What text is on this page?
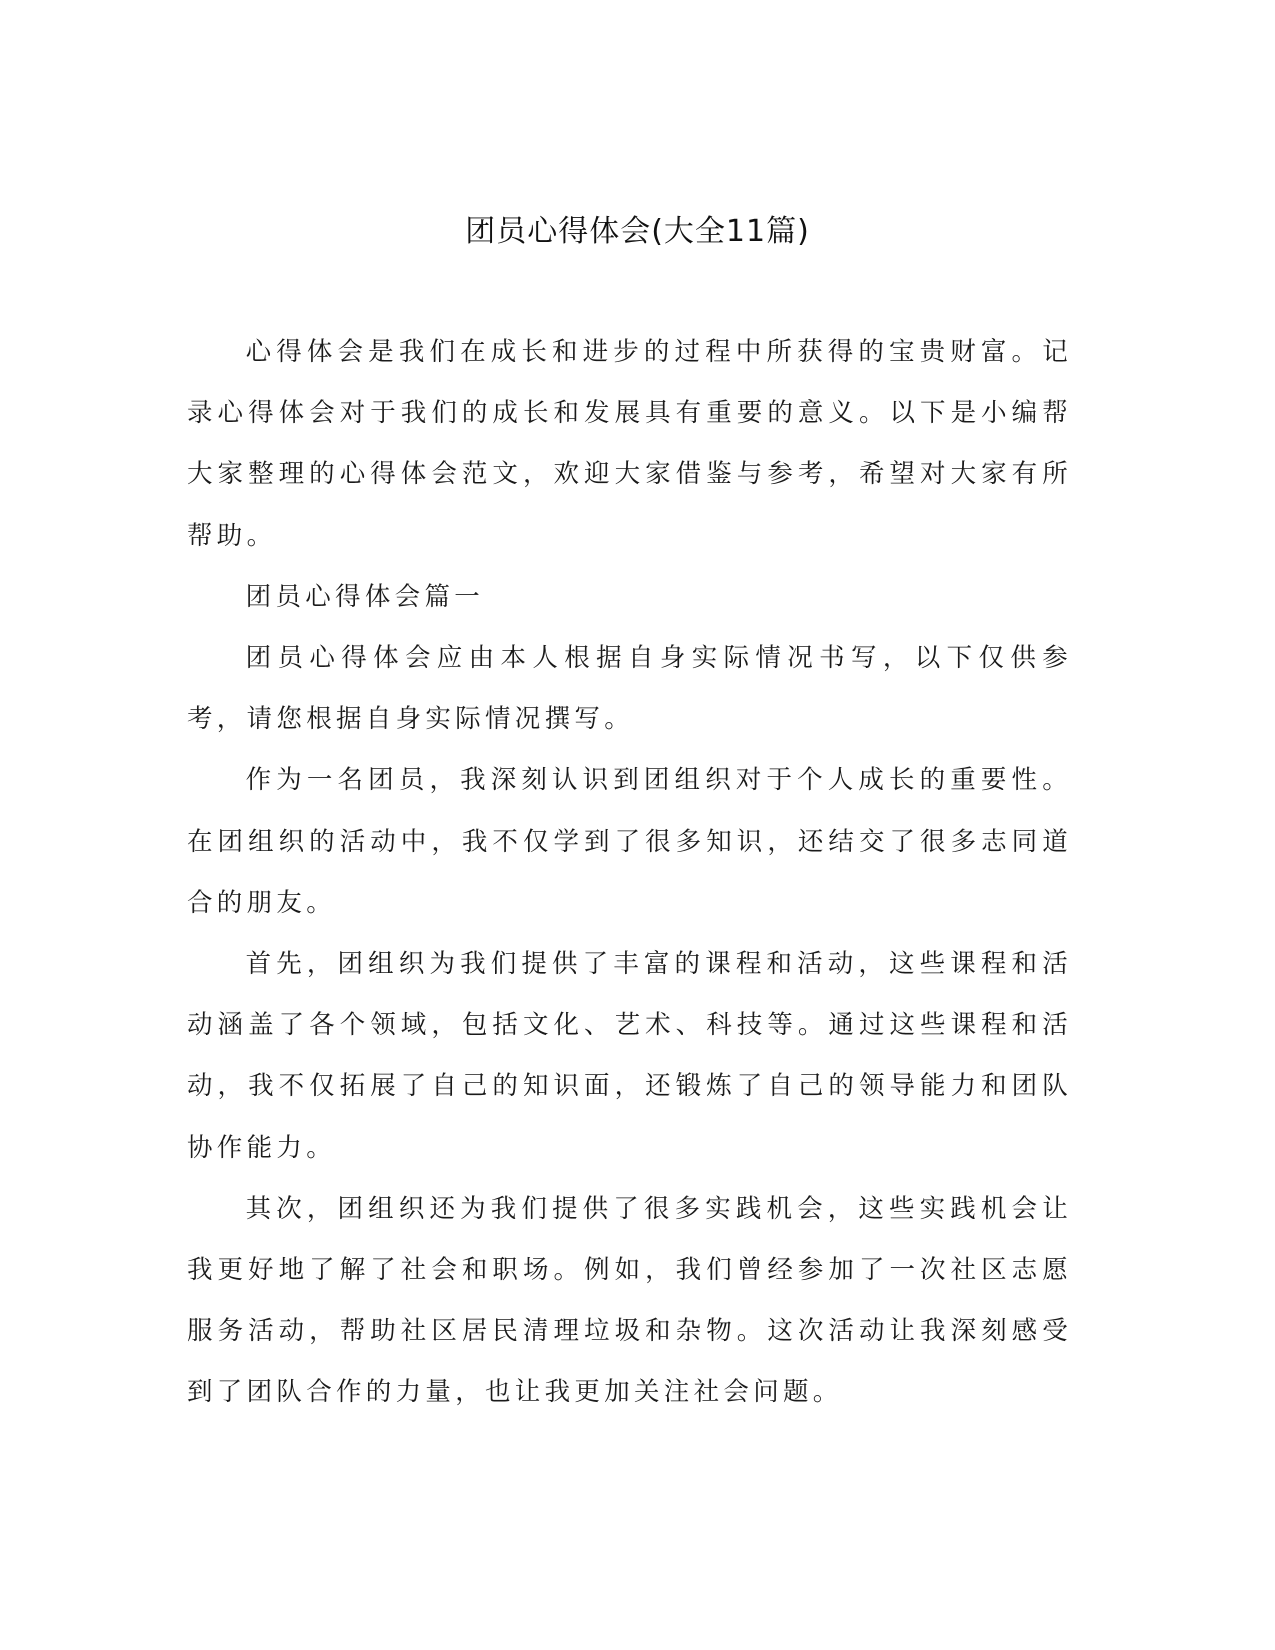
团员心得体会(大全11篇)

心得体会是我们在成长和进步的过程中所获得的宝贵财富。记录心得体会对于我们的成长和发展具有重要的意义。以下是小编帮大家整理的心得体会范文，欢迎大家借鉴与参考，希望对大家有所帮助。

团员心得体会篇一

团员心得体会应由本人根据自身实际情况书写，以下仅供参考，请您根据自身实际情况撰写。

作为一名团员，我深刻认识到团组织对于个人成长的重要性。在团组织的活动中，我不仅学到了很多知识，还结交了很多志同道合的朋友。

首先，团组织为我们提供了丰富的课程和活动，这些课程和活动涵盖了各个领域，包括文化、艺术、科技等。通过这些课程和活动，我不仅拓展了自己的知识面，还锻炼了自己的领导能力和团队协作能力。

其次，团组织还为我们提供了很多实践机会，这些实践机会让我更好地了解了社会和职场。例如，我们曾经参加了一次社区志愿服务活动，帮助社区居民清理垃圾和杂物。这次活动让我深刻感受到了团队合作的力量，也让我更加关注社会问题。
